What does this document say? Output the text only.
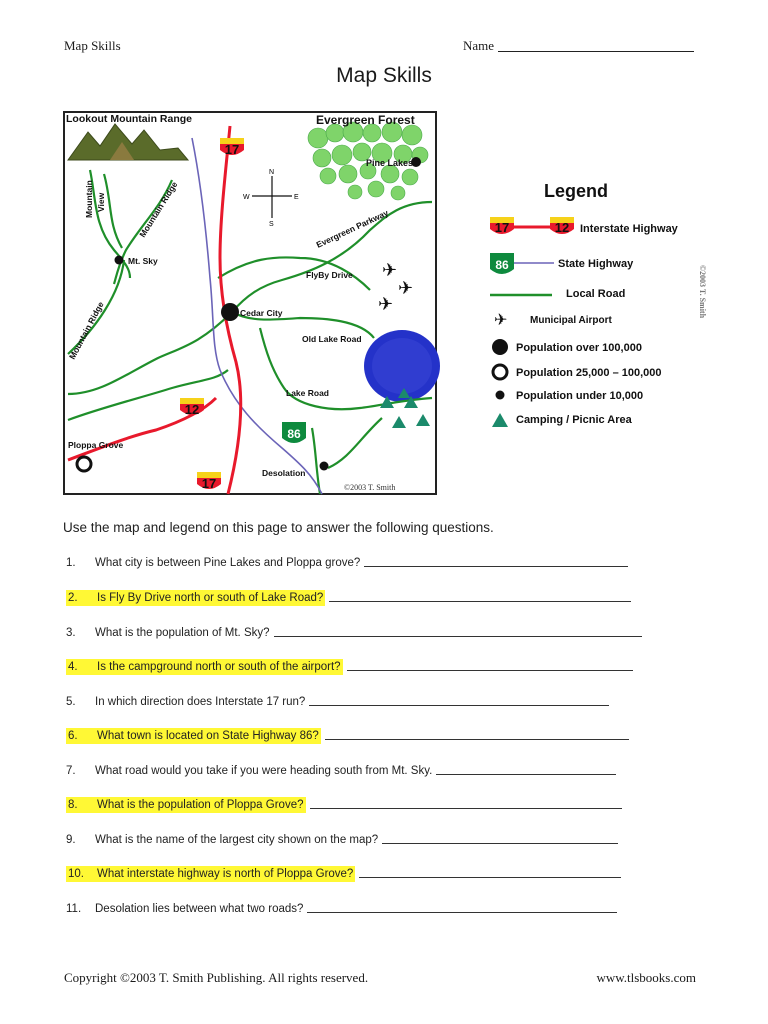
Map Skills	Name
Map Skills
✈
✈
✈
N
S
E
W
17
12
17
86
Lookout Mountain Range	Evergreen Forest
Pine Lakes
Mountain View	Mountain Ridge
Mt. Sky
Mountain Ridge
Evergreen Parkway
FlyBy Drive
Cedar City
Old Lake Road
Lake Road
Ploppa Grove
Desolation
©2003 T. Smith
Legend
17	12 Interstate Highway
86	State Highway
Local Road
✈ Municipal Airport
Population over 100,000
Population 25,000 – 100,000
Population under 10,000
Camping / Picnic Area
©2003 T. Smith
Use the map and legend on this page to answer the following questions.
1. What city is between Pine Lakes and Ploppa grove?
2. Is Fly By Drive north or south of Lake Road?
3. What is the population of Mt. Sky?
4. Is the campground north or south of the airport?
5. In which direction does Interstate 17 run?
6. What town is located on State Highway 86?
7. What road would you take if you were heading south from Mt. Sky.
8. What is the population of Ploppa Grove?
9. What is the name of the largest city shown on the map?
10. What interstate highway is north of Ploppa Grove?
11. Desolation lies between what two roads?
Copyright ©2003 T. Smith Publishing. All rights reserved.	www.tlsbooks.com
